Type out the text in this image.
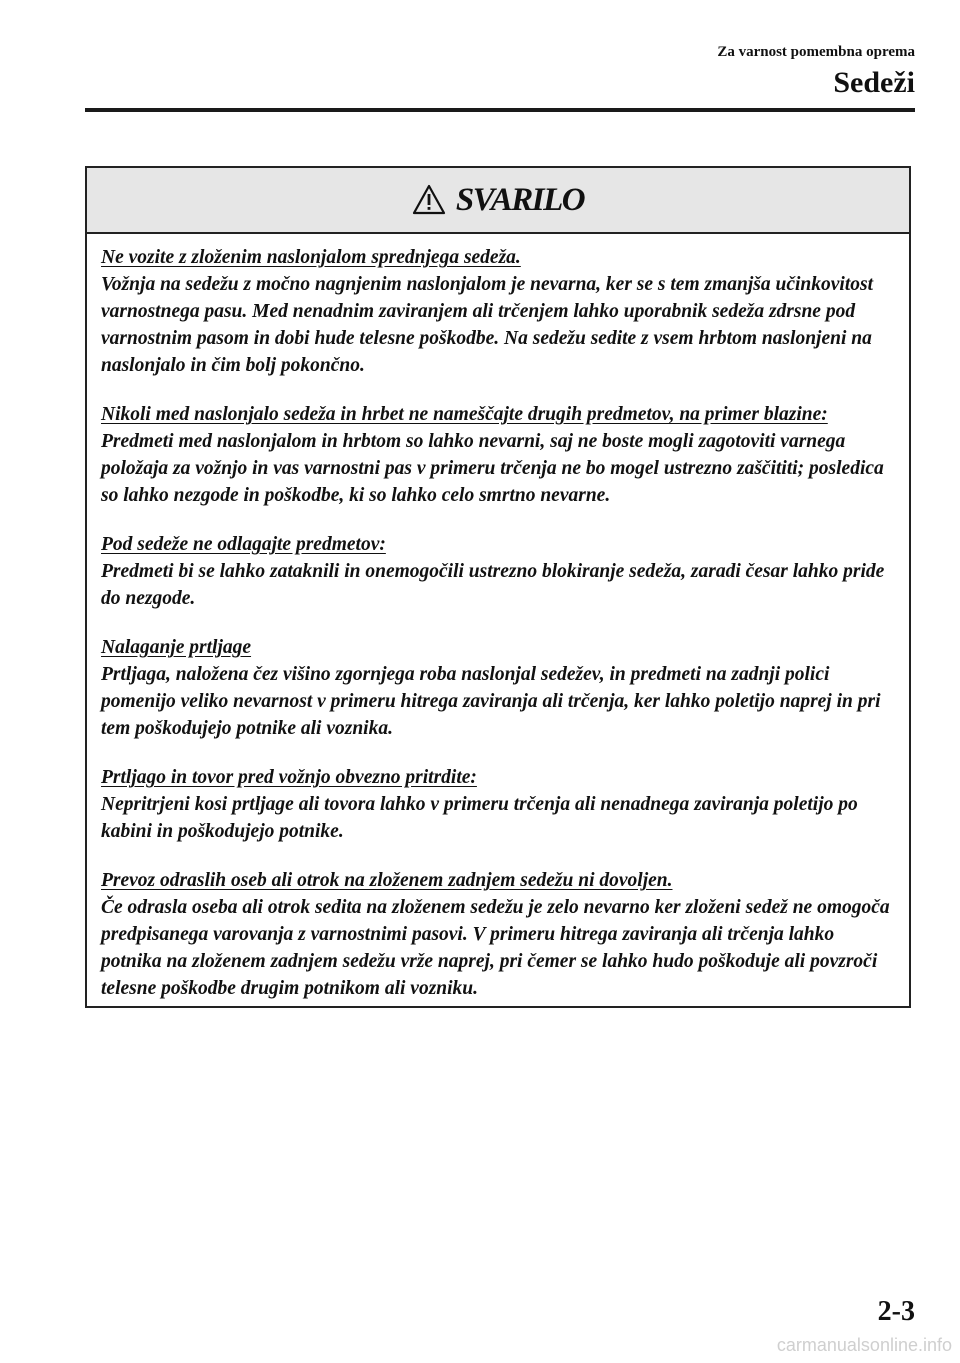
Za varnost pomembna oprema
Sedeži
SVARILO
Ne vozite z zloženim naslonjalom sprednjega sedeža.
Vožnja na sedežu z močno nagnjenim naslonjalom je nevarna, ker se s tem zmanjša učinkovitost varnostnega pasu. Med nenadnim zaviranjem ali trčenjem lahko uporabnik sedeža zdrsne pod varnostnim pasom in dobi hude telesne poškodbe. Na sedežu sedite z vsem hrbtom naslonjeni na naslonjalo in čim bolj pokončno.
Nikoli med naslonjalo sedeža in hrbet ne nameščajte drugih predmetov, na primer blazine:
Predmeti med naslonjalom in hrbtom so lahko nevarni, saj ne boste mogli zagotoviti varnega položaja za vožnjo in vas varnostni pas v primeru trčenja ne bo mogel ustrezno zaščititi; posledica so lahko nezgode in poškodbe, ki so lahko celo smrtno nevarne.
Pod sedeže ne odlagajte predmetov:
Predmeti bi se lahko zataknili in onemogočili ustrezno blokiranje sedeža, zaradi česar lahko pride do nezgode.
Nalaganje prtljage
Prtljaga, naložena čez višino zgornjega roba naslonjal sedežev, in predmeti na zadnji polici pomenijo veliko nevarnost v primeru hitrega zaviranja ali trčenja, ker lahko poletijo naprej in pri tem poškodujejo potnike ali voznika.
Prtljago in tovor pred vožnjo obvezno pritrdite:
Nepritrjeni kosi prtljage ali tovora lahko v primeru trčenja ali nenadnega zaviranja poletijo po kabini in poškodujejo potnike.
Prevoz odraslih oseb ali otrok na zloženem zadnjem sedežu ni dovoljen.
Če odrasla oseba ali otrok sedita na zloženem sedežu je zelo nevarno ker zloženi sedež ne omogoča predpisanega varovanja z varnostnimi pasovi. V primeru hitrega zaviranja ali trčenja lahko potnika na zloženem zadnjem sedežu vrže naprej, pri čemer se lahko hudo poškoduje ali povzroči telesne poškodbe drugim potnikom ali vozniku.
2-3
carmanualsonline.info
